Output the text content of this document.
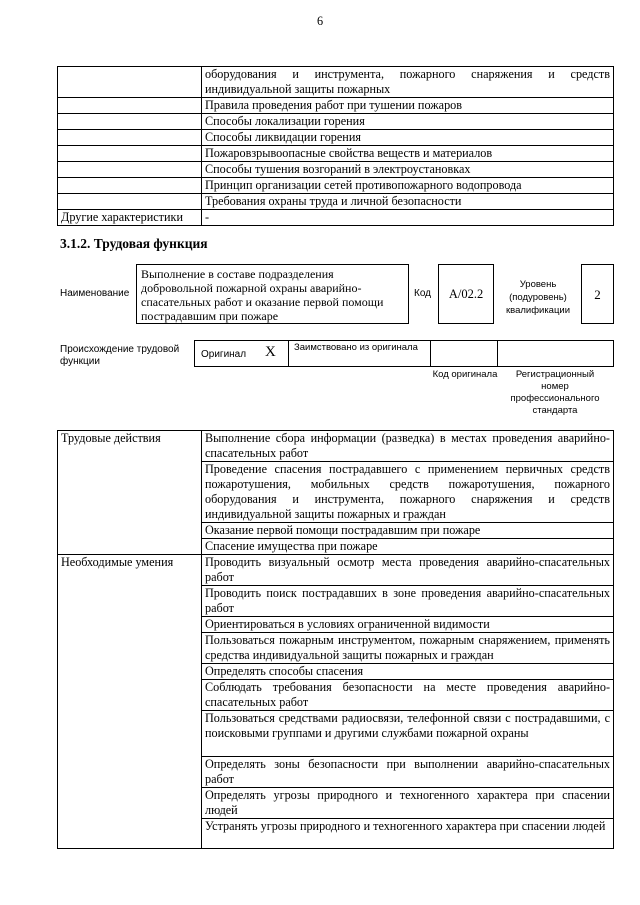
6
	оборудования и инструмента, пожарного снаряжения и средств индивидуальной защиты пожарных
	Правила проведения работ при тушении пожаров
	Способы локализации горения
	Способы ликвидации горения
	Пожаровзрывоопасные свойства веществ и материалов
	Способы тушения возгораний в электроустановках
	Принцип организации сетей противопожарного водопровода
	Требования охраны труда и личной безопасности
Другие характеристики	-
3.1.2. Трудовая функция
Наименование
Выполнение в составе подразделения добровольной пожарной охраны аварийно-спасательных работ и оказание первой помощи пострадавшим при пожаре
Код	А/02.2
Уровень (подуровень) квалификации
2
Происхождение трудовой функции
Оригинал X Заимствовано из оригинала
Код оригинала	Регистрационный номер профессионального стандарта
Трудовые действия	Выполнение сбора информации (разведка) в местах проведения аварийно-спасательных работ
	Проведение спасения пострадавшего с применением первичных средств пожаротушения, мобильных средств пожаротушения, пожарного оборудования и инструмента, пожарного снаряжения и средств индивидуальной защиты пожарных и граждан
	Оказание первой помощи пострадавшим при пожаре
	Спасение имущества при пожаре
Необходимые умения	Проводить визуальный осмотр места проведения аварийно-спасательных работ
	Проводить поиск пострадавших в зоне проведения аварийно-спасательных работ
	Ориентироваться в условиях ограниченной видимости
	Пользоваться пожарным инструментом, пожарным снаряжением, применять средства индивидуальной защиты пожарных и граждан
	Определять способы спасения
	Соблюдать требования безопасности на месте проведения аварийно-спасательных работ
	Пользоваться средствами радиосвязи, телефонной связи с пострадавшими, с поисковыми группами и другими службами пожарной охраны
	Определять зоны безопасности при выполнении аварийно-спасательных работ
	Определять угрозы природного и техногенного характера при спасении людей
	Устранять угрозы природного и техногенного характера при спасении людей
